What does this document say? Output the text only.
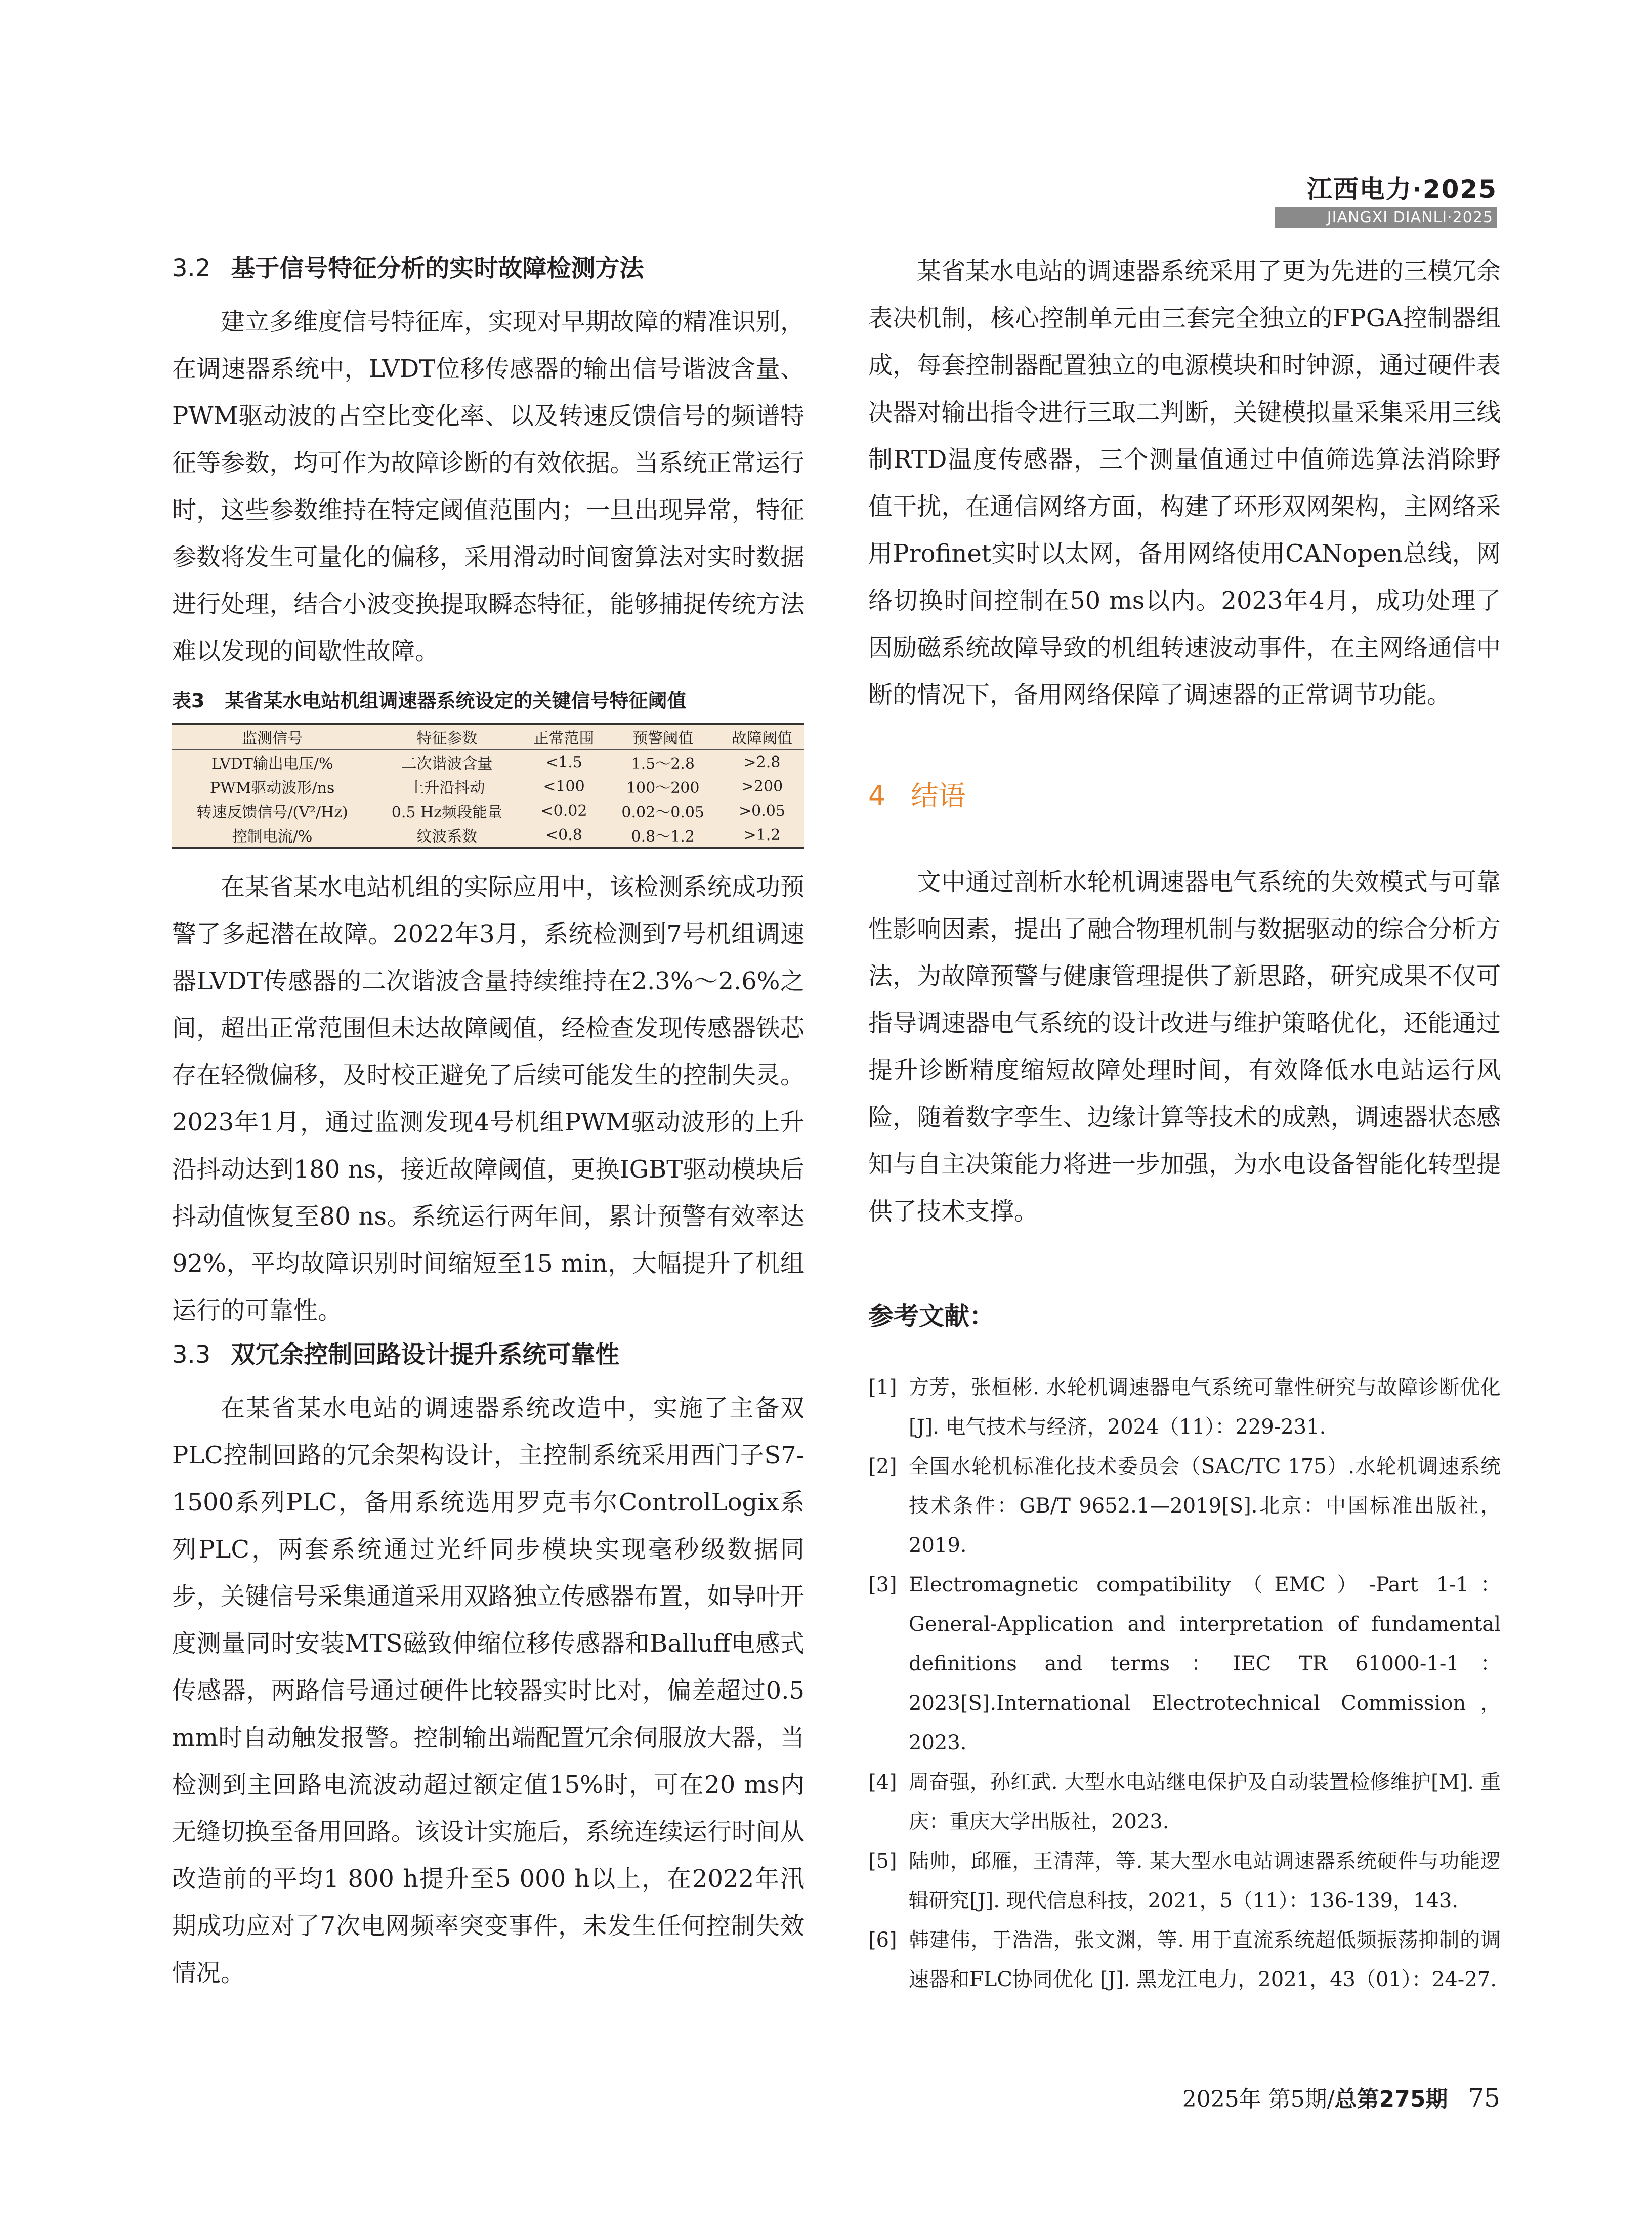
江西电力·2025
JIANGXI DIANLI·2025
3.2 基于信号特征分析的实时故障检测方法

建立多维度信号特征库，实现对早期故障的精准识别，在调速器系统中，LVDT位移传感器的输出信号谐波含量、PWM驱动波的占空比变化率、以及转速反馈信号的频谱特征等参数，均可作为故障诊断的有效依据。当系统正常运行时，这些参数维持在特定阈值范围内；一旦出现异常，特征参数将发生可量化的偏移，采用滑动时间窗算法对实时数据进行处理，结合小波变换提取瞬态特征，能够捕捉传统方法难以发现的间歇性故障。

表3 某省某水电站机组调速器系统设定的关键信号特征阈值
监测信号	特征参数	正常范围	预警阈值	故障阈值
LVDT输出电压/%	二次谐波含量	<1.5	1.5～2.8	>2.8
PWM驱动波形/ns	上升沿抖动	<100	100～200	>200
转速反馈信号/(V²/Hz)	0.5 Hz频段能量	<0.02	0.02～0.05	>0.05
控制电流/%	纹波系数	<0.8	0.8～1.2	>1.2

在某省某水电站机组的实际应用中，该检测系统成功预警了多起潜在故障。2022年3月，系统检测到7号机组调速器LVDT传感器的二次谐波含量持续维持在2.3%～2.6%之间，超出正常范围但未达故障阈值，经检查发现传感器铁芯存在轻微偏移，及时校正避免了后续可能发生的控制失灵。2023年1月，通过监测发现4号机组PWM驱动波形的上升沿抖动达到180 ns，接近故障阈值，更换IGBT驱动模块后抖动值恢复至80 ns。系统运行两年间，累计预警有效率达92%，平均故障识别时间缩短至15 min，大幅提升了机组运行的可靠性。

3.3 双冗余控制回路设计提升系统可靠性

在某省某水电站的调速器系统改造中，实施了主备双PLC控制回路的冗余架构设计，主控制系统采用西门子S7-1500系列PLC，备用系统选用罗克韦尔ControlLogix系列PLC，两套系统通过光纤同步模块实现毫秒级数据同步，关键信号采集通道采用双路独立传感器布置，如导叶开度测量同时安装MTS磁致伸缩位移传感器和Balluff电感式传感器，两路信号通过硬件比较器实时比对，偏差超过0.5 mm时自动触发报警。控制输出端配置冗余伺服放大器，当检测到主回路电流波动超过额定值15%时，可在20 ms内无缝切换至备用回路。该设计实施后，系统连续运行时间从改造前的平均1 800 h提升至5 000 h以上，在2022年汛期成功应对了7次电网频率突变事件，未发生任何控制失效情况。

某省某水电站的调速器系统采用了更为先进的三模冗余表决机制，核心控制单元由三套完全独立的FPGA控制器组成，每套控制器配置独立的电源模块和时钟源，通过硬件表决器对输出指令进行三取二判断，关键模拟量采集采用三线制RTD温度传感器，三个测量值通过中值筛选算法消除野值干扰，在通信网络方面，构建了环形双网架构，主网络采用Profinet实时以太网，备用网络使用CANopen总线，网络切换时间控制在50 ms以内。2023年4月，成功处理了因励磁系统故障导致的机组转速波动事件，在主网络通信中断的情况下，备用网络保障了调速器的正常调节功能。

4 结语

文中通过剖析水轮机调速器电气系统的失效模式与可靠性影响因素，提出了融合物理机制与数据驱动的综合分析方法，为故障预警与健康管理提供了新思路，研究成果不仅可指导调速器电气系统的设计改进与维护策略优化，还能通过提升诊断精度缩短故障处理时间，有效降低水电站运行风险，随着数字孪生、边缘计算等技术的成熟，调速器状态感知与自主决策能力将进一步加强，为水电设备智能化转型提供了技术支撑。

参考文献：
[1] 方芳，张桓彬. 水轮机调速器电气系统可靠性研究与故障诊断优化[J]. 电气技术与经济，2024（11）：229-231.
[2] 全国水轮机标准化技术委员会（SAC/TC 175）.水轮机调速系统技术条件：GB/T 9652.1—2019[S].北京：中国标准出版社，2019.
[3] Electromagnetic compatibility（EMC）-Part 1-1：General-Application and interpretation of fundamental definitions and terms：IEC TR 61000-1-1：2023[S].International Electrotechnical Commission，2023.
[4] 周奋强，孙红武. 大型水电站继电保护及自动装置检修维护[M]. 重庆：重庆大学出版社，2023.
[5] 陆帅，邱雁，王清萍，等. 某大型水电站调速器系统硬件与功能逻辑研究[J]. 现代信息科技，2021，5（11）：136-139，143.
[6] 韩建伟，于浩浩，张文渊，等. 用于直流系统超低频振荡抑制的调速器和FLC协同优化 [J]. 黑龙江电力，2021，43（01）：24-27.
2025年 第5期/总第275期 75
